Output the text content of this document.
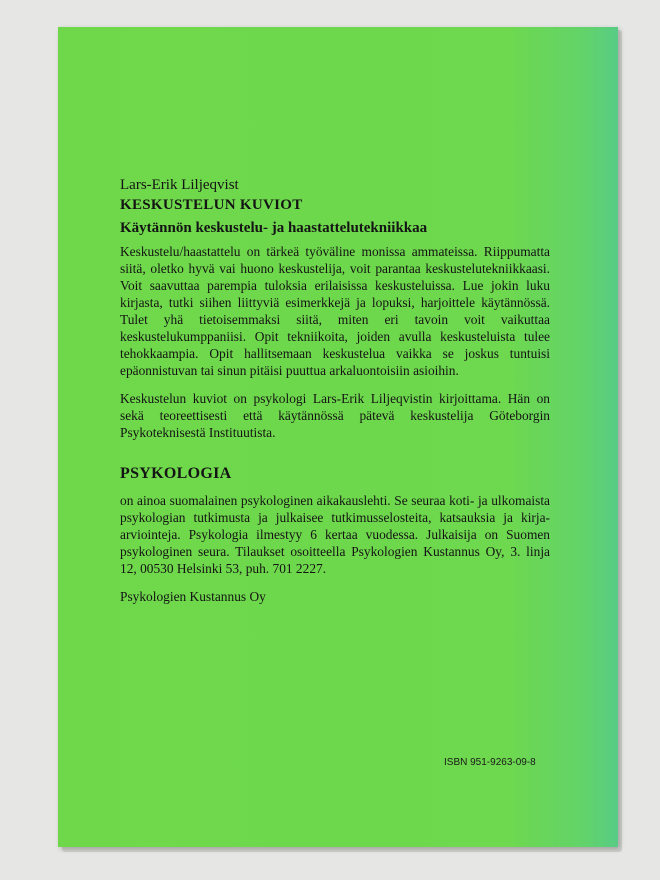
Lars-Erik Liljeqvist
KESKUSTELUN KUVIOT
Käytännön keskustelu- ja haastattelutekniikkaa

Keskustelu/haastattelu on tärkeä työväline monissa ammateissa. Riippumatta siitä, oletko hyvä vai huono keskustelija, voit parantaa keskustelutekniikkaasi. Voit saavuttaa parempia tuloksia erilaisissa keskusteluissa. Lue jokin luku kirjasta, tutki siihen liittyviä esimerkkejä ja lopuksi, harjoittele käytännössä. Tulet yhä tietoisemmaksi siitä, miten eri tavoin voit vaikuttaa keskustelukumppaniisi. Opit tekniikoita, joiden avulla keskusteluista tulee tehokkaampia. Opit hallitsemaan keskustelua vaikka se joskus tuntuisi epäonnistuvan tai sinun pitäisi puuttua arkaluontoisiin asioihin.

Keskustelun kuviot on psykologi Lars-Erik Liljeqvistin kirjoittama. Hän on sekä teoreettisesti että käytännössä pätevä keskustelija Göteborgin Psykoteknisestä Instituutista.

PSYKOLOGIA

on ainoa suomalainen psykologinen aikakauslehti. Se seuraa koti- ja ulkomaista psykologian tutkimusta ja julkaisee tutkimusselosteita, katsauksia ja kirja-arviointeja. Psykologia ilmestyy 6 kertaa vuodessa. Julkaisija on Suomen psykologinen seura. Tilaukset osoitteella Psykologien Kustannus Oy, 3. linja 12, 00530 Helsinki 53, puh. 701 2227.

Psykologien Kustannus Oy
ISBN 951-9263-09-8
